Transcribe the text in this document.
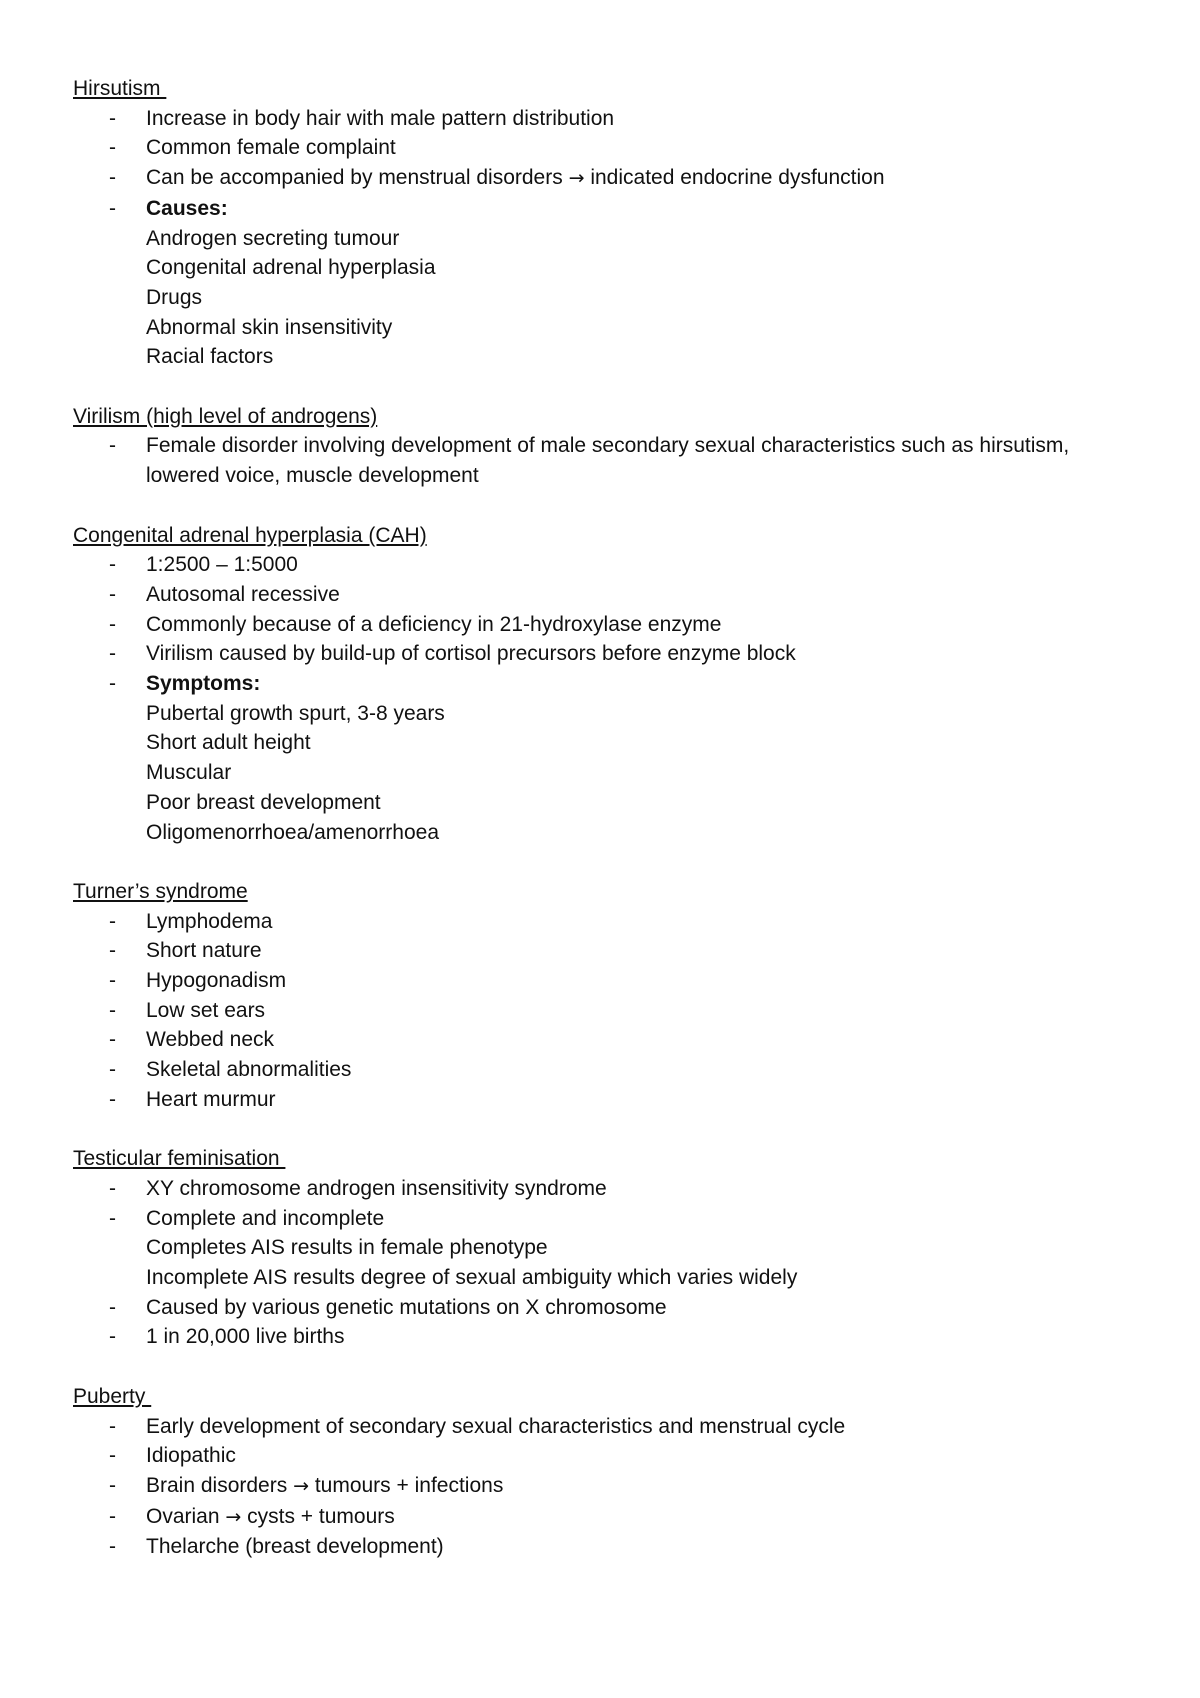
Hirsutism
- Increase in body hair with male pattern distribution
- Common female complaint
- Can be accompanied by menstrual disorders → indicated endocrine dysfunction
- Causes:
Androgen secreting tumour
Congenital adrenal hyperplasia
Drugs
Abnormal skin insensitivity
Racial factors
Virilism (high level of androgens)
- Female disorder involving development of male secondary sexual characteristics such as hirsutism, lowered voice, muscle development
Congenital adrenal hyperplasia (CAH)
- 1:2500 – 1:5000
- Autosomal recessive
- Commonly because of a deficiency in 21-hydroxylase enzyme
- Virilism caused by build-up of cortisol precursors before enzyme block
- Symptoms:
Pubertal growth spurt, 3-8 years
Short adult height
Muscular
Poor breast development
Oligomenorrhoea/amenorrhoea
Turner’s syndrome
- Lymphodema
- Short nature
- Hypogonadism
- Low set ears
- Webbed neck
- Skeletal abnormalities
- Heart murmur
Testicular feminisation
- XY chromosome androgen insensitivity syndrome
- Complete and incomplete
Completes AIS results in female phenotype
Incomplete AIS results degree of sexual ambiguity which varies widely
- Caused by various genetic mutations on X chromosome
- 1 in 20,000 live births
Puberty
- Early development of secondary sexual characteristics and menstrual cycle
- Idiopathic
- Brain disorders → tumours + infections
- Ovarian → cysts + tumours
- Thelarche (breast development)
